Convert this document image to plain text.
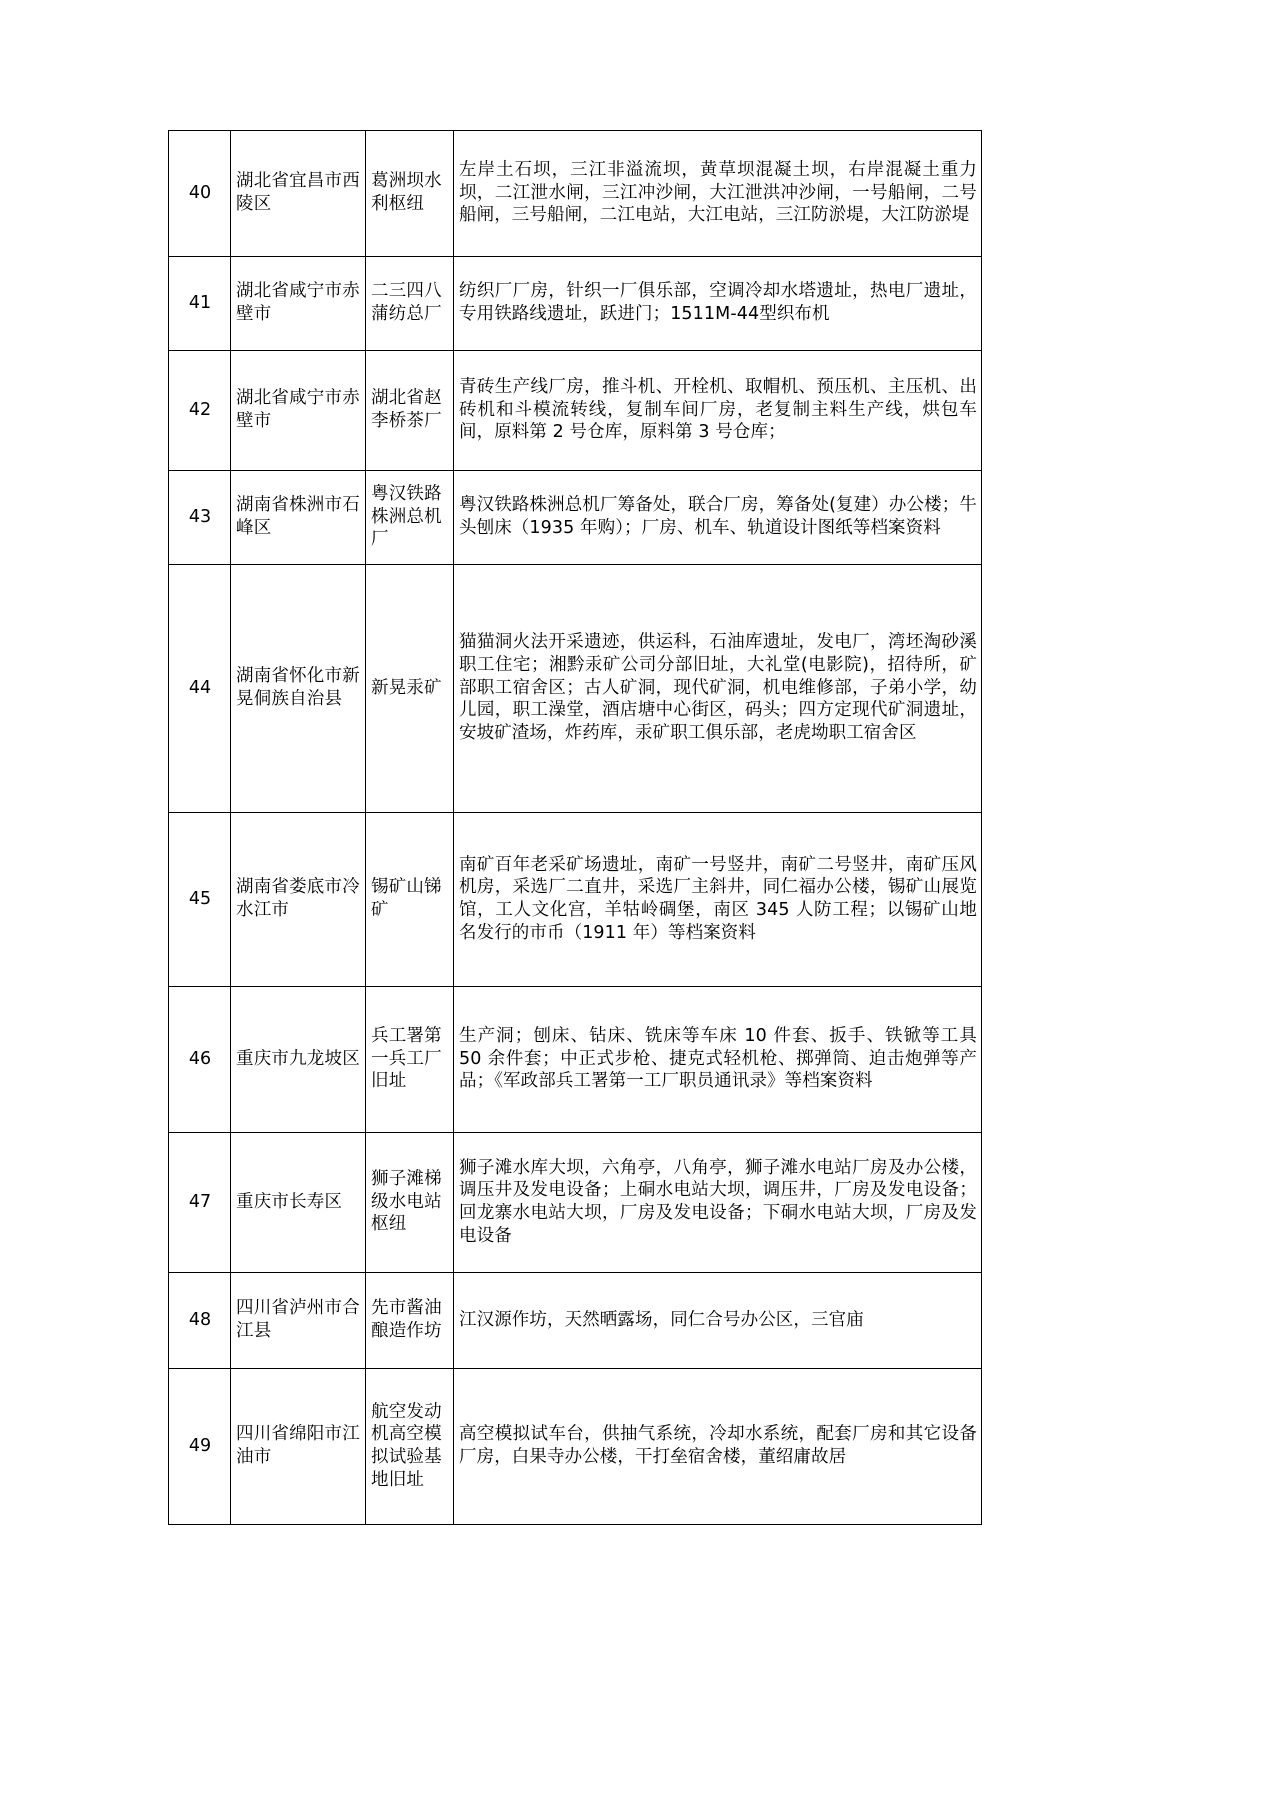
40	湖北省宜昌市西陵区	葛洲坝水利枢纽	左岸土石坝，三江非溢流坝，黄草坝混凝土坝，右岸混凝土重力坝，二江泄水闸，三江冲沙闸，大江泄洪冲沙闸，一号船闸，二号船闸，三号船闸，二江电站，大江电站，三江防淤堤，大江防淤堤
41	湖北省咸宁市赤壁市	二三四八蒲纺总厂	纺织厂厂房，针织一厂俱乐部，空调冷却水塔遗址，热电厂遗址，专用铁路线遗址，跃进门；1511M-44型织布机
42	湖北省咸宁市赤壁市	湖北省赵李桥茶厂	青砖生产线厂房，推斗机、开栓机、取帽机、预压机、主压机、出砖机和斗模流转线，复制车间厂房，老复制主料生产线，烘包车间，原料第 2 号仓库，原料第 3 号仓库；
43	湖南省株洲市石峰区	粤汉铁路株洲总机厂	粤汉铁路株洲总机厂筹备处，联合厂房，筹备处(复建）办公楼；牛头刨床（1935 年购）；厂房、机车、轨道设计图纸等档案资料
44	湖南省怀化市新晃侗族自治县	新晃汞矿	猫猫洞火法开采遗迹，供运科，石油库遗址，发电厂，湾坯淘砂溪职工住宅；湘黔汞矿公司分部旧址，大礼堂(电影院)，招待所，矿部职工宿舍区；古人矿洞，现代矿洞，机电维修部，子弟小学，幼儿园，职工澡堂，酒店塘中心街区，码头；四方定现代矿洞遗址，安坡矿渣场，炸药库，汞矿职工俱乐部，老虎坳职工宿舍区
45	湖南省娄底市冷水江市	锡矿山锑矿	南矿百年老采矿场遗址，南矿一号竖井，南矿二号竖井，南矿压风机房，采选厂二直井，采选厂主斜井，同仁福办公楼，锡矿山展览馆，工人文化宫，羊牯岭碉堡，南区 345 人防工程；以锡矿山地名发行的市币（1911 年）等档案资料
46	重庆市九龙坡区	兵工署第一兵工厂旧址	生产洞；刨床、钻床、铣床等车床 10 件套、扳手、铁锨等工具 50 余件套；中正式步枪、捷克式轻机枪、掷弹筒、迫击炮弹等产品；《军政部兵工署第一工厂职员通讯录》等档案资料
47	重庆市长寿区	狮子滩梯级水电站枢纽	狮子滩水库大坝，六角亭，八角亭，狮子滩水电站厂房及办公楼，调压井及发电设备；上硐水电站大坝，调压井，厂房及发电设备；回龙寨水电站大坝，厂房及发电设备；下硐水电站大坝，厂房及发电设备
48	四川省泸州市合江县	先市酱油酿造作坊	江汉源作坊，天然晒露场，同仁合号办公区，三官庙
49	四川省绵阳市江油市	航空发动机高空模拟试验基地旧址	高空模拟试车台，供抽气系统，冷却水系统，配套厂房和其它设备厂房，白果寺办公楼，干打垒宿舍楼，董绍庸故居
